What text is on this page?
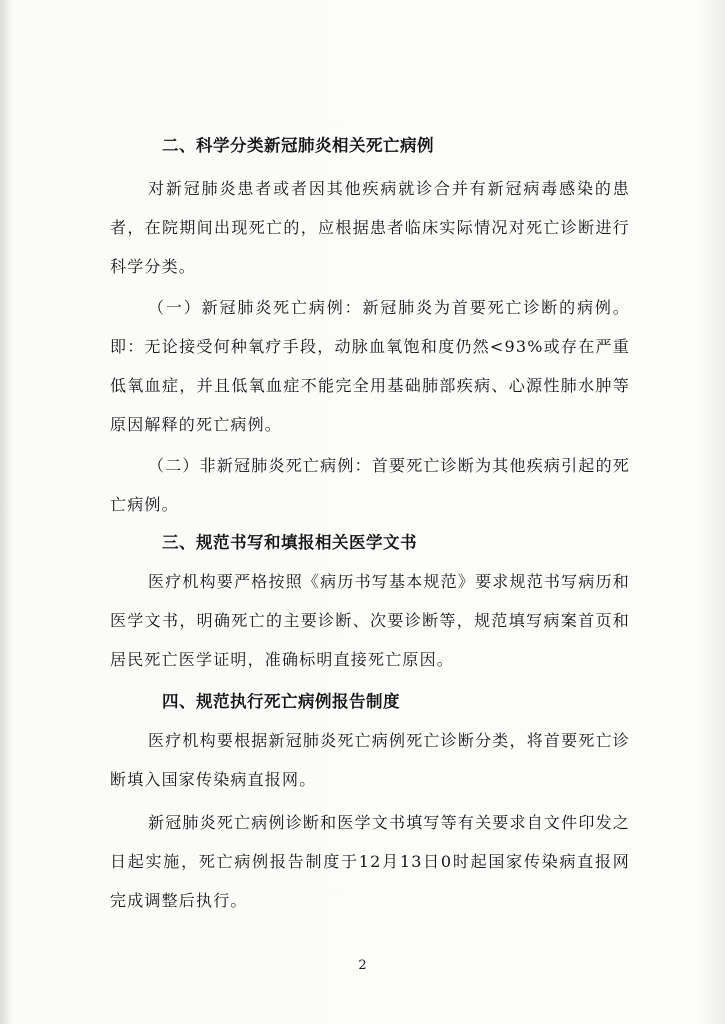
二、科学分类新冠肺炎相关死亡病例

对新冠肺炎患者或者因其他疾病就诊合并有新冠病毒感染的患者，在院期间出现死亡的，应根据患者临床实际情况对死亡诊断进行科学分类。

（一）新冠肺炎死亡病例：新冠肺炎为首要死亡诊断的病例。即：无论接受何种氧疗手段，动脉血氧饱和度仍然<93%或存在严重低氧血症，并且低氧血症不能完全用基础肺部疾病、心源性肺水肿等原因解释的死亡病例。

（二）非新冠肺炎死亡病例：首要死亡诊断为其他疾病引起的死亡病例。

三、规范书写和填报相关医学文书

医疗机构要严格按照《病历书写基本规范》要求规范书写病历和医学文书，明确死亡的主要诊断、次要诊断等，规范填写病案首页和居民死亡医学证明，准确标明直接死亡原因。

四、规范执行死亡病例报告制度

医疗机构要根据新冠肺炎死亡病例死亡诊断分类，将首要死亡诊断填入国家传染病直报网。

新冠肺炎死亡病例诊断和医学文书填写等有关要求自文件印发之日起实施，死亡病例报告制度于12月13日0时起国家传染病直报网完成调整后执行。

2
